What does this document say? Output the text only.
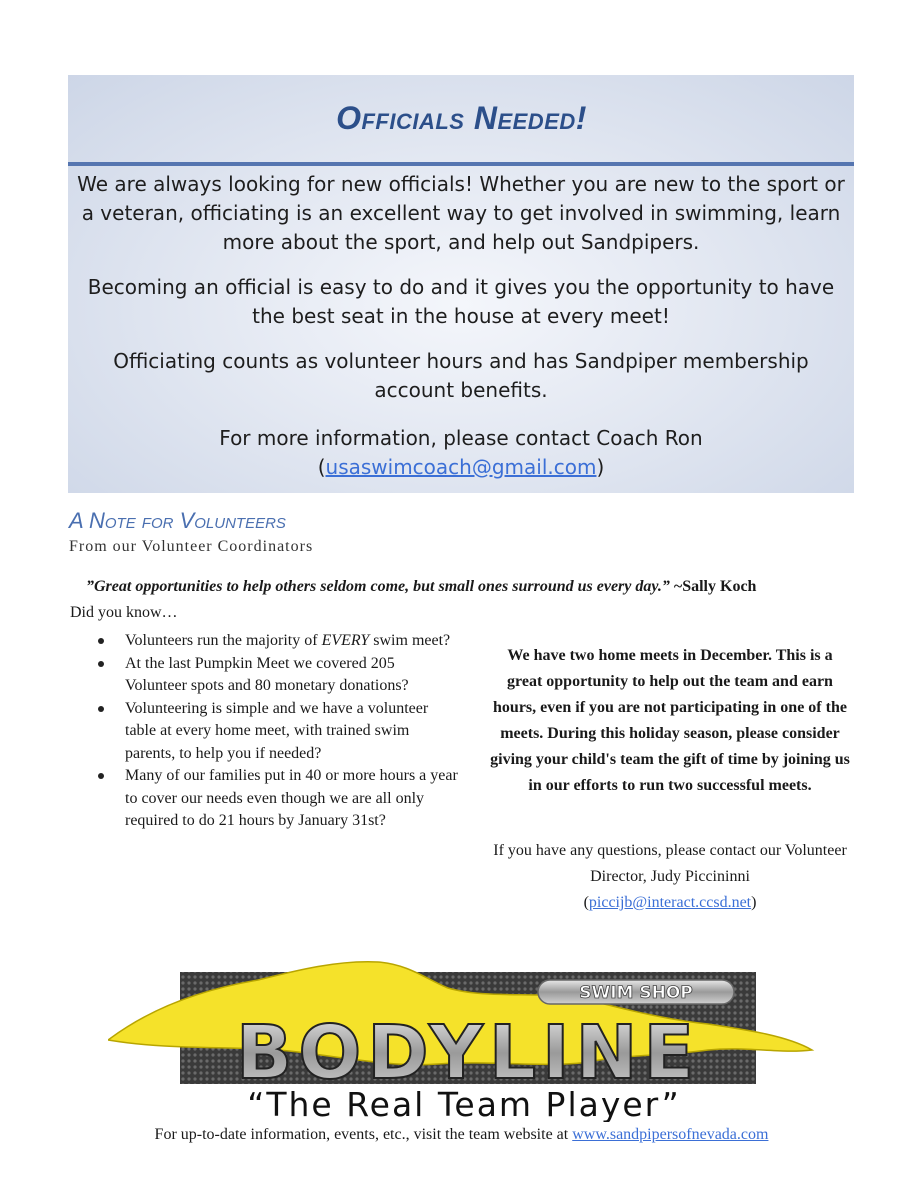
Officials Needed!
We are always looking for new officials! Whether you are new to the sport or a veteran, officiating is an excellent way to get involved in swimming, learn more about the sport, and help out Sandpipers.
Becoming an official is easy to do and it gives you the opportunity to have the best seat in the house at every meet!
Officiating counts as volunteer hours and has Sandpiper membership account benefits.
For more information, please contact Coach Ron
(usaswimcoach@gmail.com)
A Note for Volunteers
From our Volunteer Coordinators
”Great opportunities to help others seldom come, but small ones surround us every day.” ~Sally Koch
Did you know…
Volunteers run the majority of EVERY swim meet?
At the last Pumpkin Meet we covered 205 Volunteer spots and 80 monetary donations?
Volunteering is simple and we have a volunteer table at every home meet, with trained swim parents, to help you if needed?
Many of our families put in 40 or more hours a year to cover our needs even though we are all only required to do 21 hours by January 31st?
We have two home meets in December. This is a great opportunity to help out the team and earn hours, even if you are not participating in one of the meets. During this holiday season, please consider giving your child's team the gift of time by joining us in our efforts to run two successful meets.
If you have any questions, please contact our Volunteer Director, Judy Piccininni
(piccijb@interact.ccsd.net)
SWIM SHOP
BODYLINE
“The Real Team Player”
For up-to-date information, events, etc., visit the team website at www.sandpipersofnevada.com
